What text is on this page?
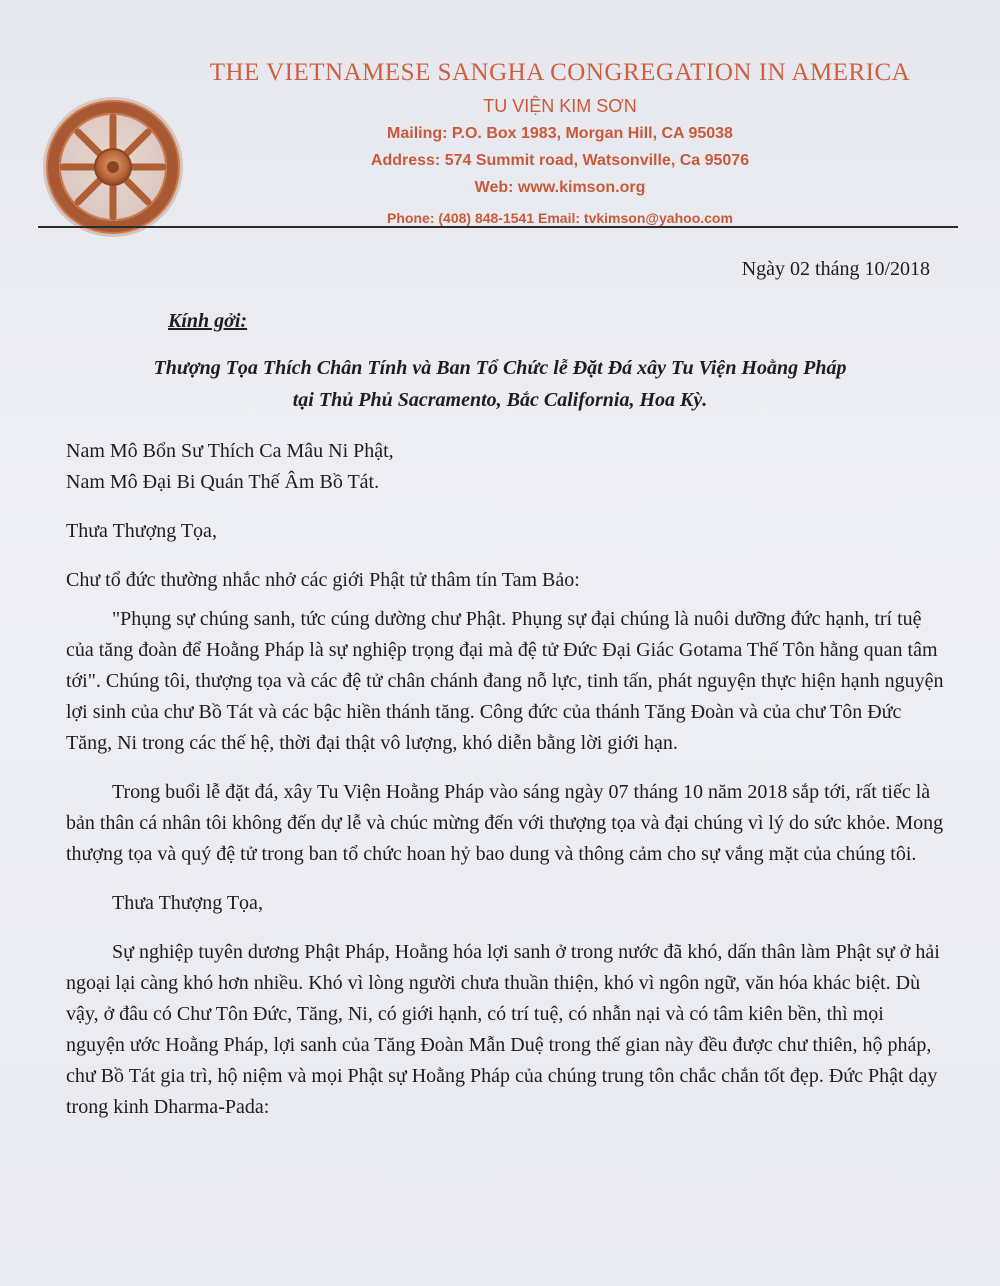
THE VIETNAMESE SANGHA CONGREGATION IN AMERICA
TU VIỆN KIM SƠN
Mailing: P.O. Box 1983, Morgan Hill, CA 95038
Address: 574 Summit road, Watsonville, Ca 95076
Web: www.kimson.org
Phone: (408) 848-1541 Email: tvkimson@yahoo.com
Ngày 02 tháng 10/2018
Kính gởi:
Thượng Tọa Thích Chân Tính và Ban Tổ Chức lễ Đặt Đá xây Tu Viện Hoằng Pháp
tại Thủ Phủ Sacramento, Bắc California, Hoa Kỳ.

Nam Mô Bổn Sư Thích Ca Mâu Ni Phật,

Nam Mô Đại Bi Quán Thế Âm Bồ Tát.

Thưa Thượng Tọa,

Chư tổ đức thường nhắc nhở các giới Phật tử thâm tín Tam Bảo:

"Phụng sự chúng sanh, tức cúng dường chư Phật. Phụng sự đại chúng là nuôi dưỡng đức hạnh, trí tuệ của tăng đoàn để Hoằng Pháp là sự nghiệp trọng đại mà đệ tử Đức Đại Giác Gotama Thế Tôn hằng quan tâm tới". Chúng tôi, thượng tọa và các đệ tử chân chánh đang nỗ lực, tinh tấn, phát nguyện thực hiện hạnh nguyện lợi sinh của chư Bồ Tát và các bậc hiền thánh tăng. Công đức của thánh Tăng Đoàn và của chư Tôn Đức Tăng, Ni trong các thế hệ, thời đại thật vô lượng, khó diễn bằng lời giới hạn.

Trong buổi lễ đặt đá, xây Tu Viện Hoằng Pháp vào sáng ngày 07 tháng 10 năm 2018 sắp tới, rất tiếc là bản thân cá nhân tôi không đến dự lễ và chúc mừng đến với thượng tọa và đại chúng vì lý do sức khỏe. Mong thượng tọa và quý đệ tử trong ban tổ chức hoan hỷ bao dung và thông cảm cho sự vắng mặt của chúng tôi.

Thưa Thượng Tọa,

Sự nghiệp tuyên dương Phật Pháp, Hoằng hóa lợi sanh ở trong nước đã khó, dấn thân làm Phật sự ở hải ngoại lại càng khó hơn nhiều. Khó vì lòng người chưa thuần thiện, khó vì ngôn ngữ, văn hóa khác biệt. Dù vậy, ở đâu có Chư Tôn Đức, Tăng, Ni, có giới hạnh, có trí tuệ, có nhẫn nại và có tâm kiên bền, thì mọi nguyện ước Hoằng Pháp, lợi sanh của Tăng Đoàn Mẫn Duệ trong thế gian này đều được chư thiên, hộ pháp, chư Bồ Tát gia trì, hộ niệm và mọi Phật sự Hoằng Pháp của chúng trung tôn chắc chắn tốt đẹp. Đức Phật dạy trong kinh Dharma-Pada:
